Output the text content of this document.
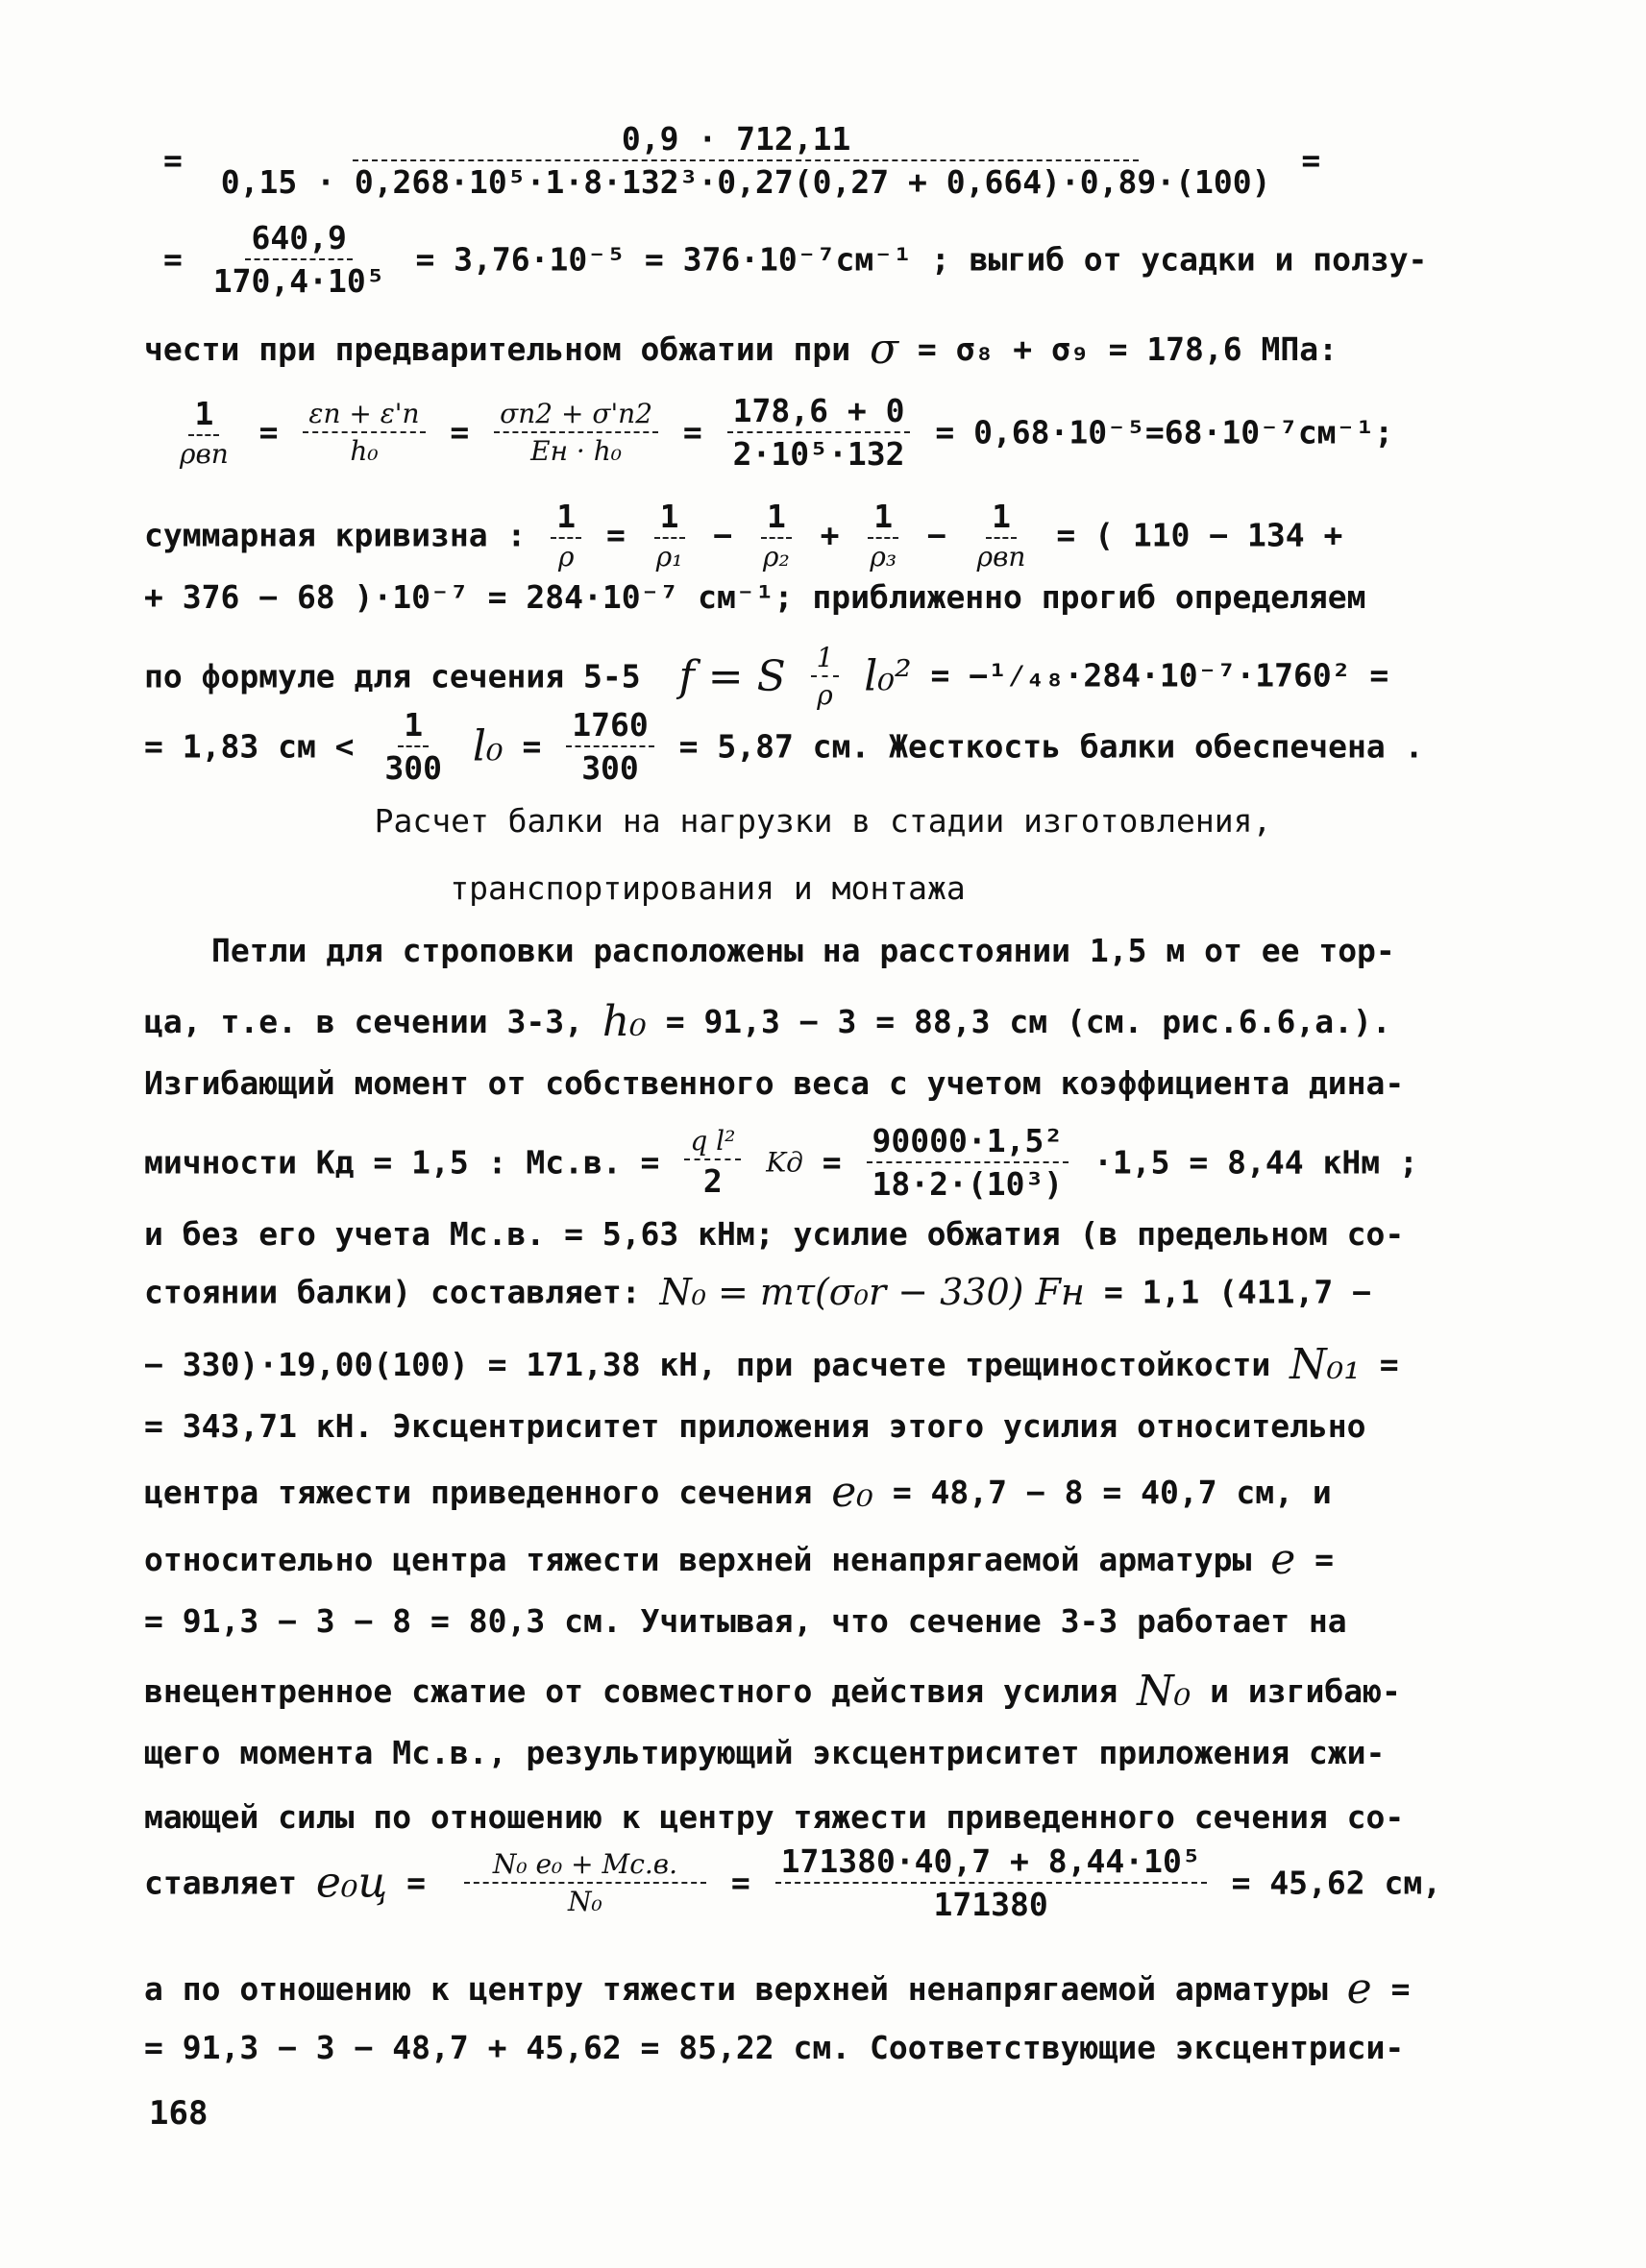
= $\frac{0,9 \cdot 712,11}{\text{0,15 · 0,268·10⁵·1·8·132³·0,27(0,27 + 0,664)·0,89·(100)}}$ =
= $\frac{640,9}{\text{170,4·10⁵}} = 3,76\cdot 10^{-5} = 376\cdot 10^{-7}см^{-1}$ ; выгиб от усадки и ползу-
чести при предварительном обжатии при σ = σ₈ + σ₉ = 178,6 МПа:
$\frac{1}{\text{ρвп}} = \frac{\varepsilon п + \varepsilon'п}{\text{h₀}} = \frac{\sigma п2 + \sigma'п2}{\text{Eн · h₀}} = \frac{178,6 + 0}{\text{2·10⁵·132}} = 0,68\cdot 10^{-5}=68\cdot 10^{-7}см^{-1}$;
суммарная кривизна : $\frac{1}{\rho} = \frac{1}{\text{ρ₁}} - \frac{1}{\text{ρ₂}} + \frac{1}{\text{ρ₃}} - \frac{1}{\text{ρвп}}$ = ( 110 − 134 +
+ 376 − 68 )·10⁻⁷ = 284·10⁻⁷ см⁻¹; приближенно прогиб определяем
по формуле для сечения 5-5 f = S $\frac{1}{\rho} l_0^2$ = −¹⁄₄₈·284·10⁻⁷·1760² =
= 1,83 см < $\frac{1}{300} l_0 = \frac{1760}{300} = 5,87$ см. Жесткость балки обеспечена .
Расчет балки на нагрузки в стадии изготовления,
транспортирования и монтажа
Петли для строповки расположены на расстоянии 1,5 м от ее тор-
ца, т.е. в сечении 3-3, h₀ = 91,3 − 3 = 88,3 см (см. рис.6.6,а.).
Изгибающий момент от собственного веса с учетом коэффициента дина-
мичности Kд = 1,5 : Mс.в. = $\frac{\text{q l²}}{2}$ Kд = $\frac{\text{90000·1,5²}}{\text{18·2·(10³)}} \cdot 1,5 = 8,44$ кНм ;
и без его учета Mс.в. = 5,63 кНм; усилие обжатия (в предельном со-
стоянии балки) составляет: N₀ = mτ(σ₀r − 330) Fн = 1,1 (411,7 −
− 330)·19,00(100) = 171,38 кН, при расчете трещиностойкости N₀₁ =
= 343,71 кН. Эксцентриситет приложения этого усилия относительно
центра тяжести приведенного сечения e₀ = 48,7 − 8 = 40,7 см, и
относительно центра тяжести верхней ненапрягаемой арматуры e =
= 91,3 − 3 − 8 = 80,3 см. Учитывая, что сечение 3-3 работает на
внецентренное сжатие от совместного действия усилия N₀ и изгибаю-
щего момента Mс.в., результирующий эксцентриситет приложения сжи-
мающей силы по отношению к центру тяжести приведенного сечения со-
ставляет $e_0ц = \frac{\text{N₀ e₀ + Mс.в.}}{\text{N₀}} = \frac{\text{171380·40,7 + 8,44·10⁵}}{171380} = 45,62$ см,
а по отношению к центру тяжести верхней ненапрягаемой арматуры e =
= 91,3 − 3 − 48,7 + 45,62 = 85,22 см. Соответствующие эксцентриси-
168
